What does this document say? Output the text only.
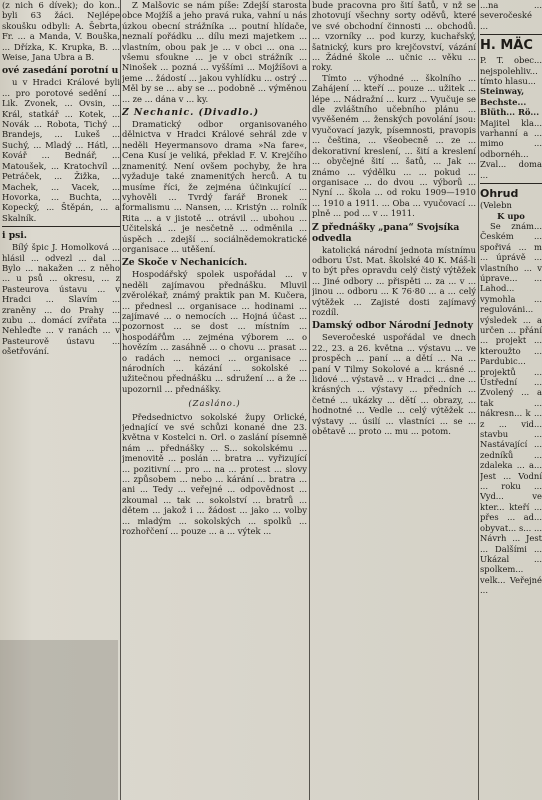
(z nich 6 dívek); do kon.. byli 63 žáci. Nejlépe skoušku odbyli: A. Šebrta, Fr. ... a Manda, V. Bouška, ... Dřízka, K. Krupka, B. ... Weise, Jana Ubra a B.

ové zasedání porotní u

u v Hradci Králové byli ... pro porotové sedění ... Lik. Zvonek, ... Ovsin, ... Král, statkář ... Kotek, ... Novák ... Robota, Tichý ... Brandejs, ... Lukeš ... Suchý, ... Mladý ... Hátl, ... Kovář ... Bednář, ... Matoušek, ... Kratochvíl ... Petráček, ... Žižka, ... Machek, ... Vacek, ... Hovorka, ... Buchta, ... Kopecký, ... Štěpán, ... a Skalník.

i psi.

Bílý špic J. Homolková ... hlásil ... odvezl ... dal ... Bylo ... nakažen ... z něho ... u psů ... okresu, ... z Pasteurova ústavu ... v Hradci ... Slavím ... zraněny ... do Prahy ... zubu ... domácí zvířata ... Nehleďte ... v ranách ... v Pasteurově ústavu ... ošetřování.

Z Malšovic se nám píše: Zdejší starosta obce Mojžíš a jeho pravá ruka, vahní u nás úzkou obecní strážníka ... poutní hlídače, neznalí pořádku ... dílu mezi majetkem ... vlastním, obou pak je ... v obci ... ona ... všemu sfoukne ... je v obci strážník ... Ninošek ... pozná ... vyššími ... Mojžíšovi a jeme ... žádostí ... jakou vyhlídku ... ostrý ... Měl by se ... aby se ... podobně ... výměnou ... ze ... dána v ... ky.

Z Nechanic. (Divadlo.)

Dramatický odbor organisovaného dělnictva v Hradci Králové sehrál zde v neděli Heyermansovo drama »Na fare«, Cena Kusí je veliká, překlad F. V. Krejčího znamenitý. Není ovšem pochyby, že hra vyžaduje také znamenitých herců. A tu musíme říci, že zejména účinkující ... vyhověli ... Tvrdý farář Bronek ... formalismu ... Nansen, ... Kristýn ... rolník Rita ... a v jistotě ... otrávil ... ubohou ... Učitelská ... je nesčetně ... odměnila ... úspěch ... zdejší ... sociálnědemokratické organisace ... utěšení.

Ze Skoče v Nechanicích.

Hospodářský spolek uspořádal ... v neděli zajímavou přednášku. Mluvil zvěrolékař, známý praktik pan M. Kučera, ... přednesl ... organisace ... hodinami ... zajímavé ... o nemocích ... Hojná účast ... pozornost ... se dost ... místním ... hospodářům ... zejména výborem ... o hovězím ... zasáhně ... o chovu ... prasat ... o radách ... nemoci ... organisace ... národních ... kázání ... sokolské ... užitečnou přednášku ... sdružení ... a že ... upozornil ... přednášky.

(Zasláno.)

Předsednictvo sokolské župy Orlické, jednající ve své schůzi konané dne 23. května v Kostelci n. Orl. o zaslání písemně nám ... přednášky ... S... sokolskému ... jmenovitě ... poslán ... bratra ... vyřizující ... pozitivní ... pro ... na ... protest ... slovy ... způsobem ... nebo ... kárání ... bratra ... ani ... Tedy ... veřejné ... odpovědnost ... zkoumal ... tak ... sokolství ... bratrů ... dětem ... jakož i ... žádost ... jako ... volby ... mladým ... sokolských ... spolků ... rozhořčení ... pouze ... a ... výtek ...

bude pracovna pro šití šatů, v nž se zhotovují všechny sorty oděvů, které ve své obchodní činnosti ... obchodů. ... vzorníky ... pod kurzy, kuchařský, šatnický, kurs pro krejčovství, vázání ... Žádné škole ... učnic ... věku ... roky.

Tímto ... výhodné ... školního ... Zahájení ... kteří ... pouze ... užitek ... lépe ... Nádražní ... kurz ... Vyučuje se dle zvláštního učebního plánu ... vyvěšeném ... ženských povolání jsou: vyučovací jazyk, písemnosti, pravopis ... čeština, ... všeobecně ... ze ... dekorativní kreslení, ... šití a kreslení ... obyčejné šití ... šatů, ... Jak ... známo ... výdělku ... ... pokud ... organisace ... do dvou ... výborů ... Nyní ... škola ... od roku 1909—1910 ... 1910 a 1911. ... Oba ... vyučovací ... plně ... pod ... v ... 1911.

Z přednášky „pana“ Svojsíka odvedla

katolická národní jednota místnímu odboru Úst. Mat. školské 40 K. Máš-li to být přes opravdu celý čistý výtěžek ... Jiné odbory ... přispěti ... za ... v ... jinou ... odboru ... K 76·80 ... a ... celý výtěžek ... Zajisté dosti zajímavý rozdíl.

Damský odbor Národní Jednoty

Severočeské uspořádal ve dnech 22., 23. a 26. května ... výstavu ... ve prospěch ... paní ... a dětí ... Na ... paní V Tilmy Sokolové a ... krásné ... lidové ... výstavě ... v Hradci ... dne ... krásných ... výstavy ... předních ... četné ... ukázky ... dětí ... obrazy, ... hodnotné ... Vedle ... celý výtěžek ... výstavy ... úsilí ... vlastníci ... se ... obětavě ... proto ... mu ... potom.

...na ... severočeské ...

H. MÄC

P. T. obec... nejspolehliv... tímto hlasu...

Steinway, Bechste... Blüth... Rö...

Majitel kla... varhanní a ... mimo ... odbornéh... Zval... doma ...

Ohrud

(Velebn

K upo

Se znám... Českém ... spořivá ... m ... úprávě ... vlastního ... v úprave... ... Lahod... vymohla ... regulováni... výsledek ... a určen ... přání ... projekt ... kteroužto ... Pardubic... projektů ... Ústřední ... Zvolený ... a tak ... nákresn... k ... z ... vid... stavbu ... Nastávající ... zedníků ... zdaleka ... a... Jest ... Vodní ... roku ... Vyd... ve kter... kteří ... přes ... ad... obyvat... s... ... Návrh ... Jest ... Dalšími ... Ukázal ... spolkem... velk... Veřejné ...
